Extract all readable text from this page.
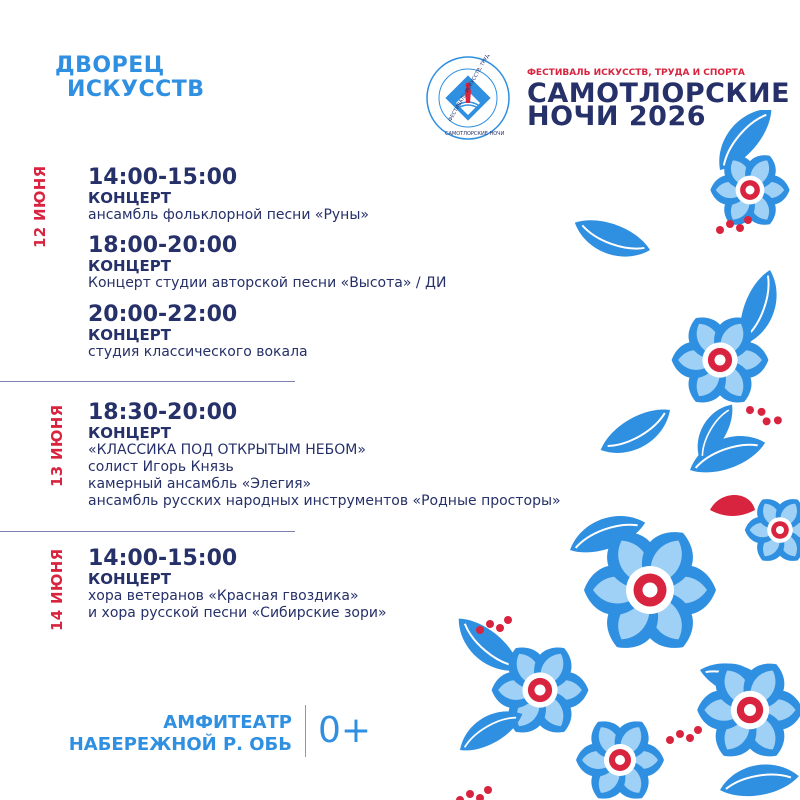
ДВОРЕЦ
ИСКУССТВ
ФЕСТИВАЛЬ ИСКУССТВ, ТРУДА
САМОТЛОРСКИЕ НОЧИ
ФЕСТИВАЛЬ ИСКУССТВ, ТРУДА И СПОРТА
САМОТЛОРСКИЕ
НОЧИ 2026
12 ИЮНЯ
13 ИЮНЯ
14 ИЮНЯ
14:00-15:00
КОНЦЕРТ
ансамбль фольклорной песни «Руны»
18:00-20:00
КОНЦЕРТ
Концерт студии авторской песни «Высота» / ДИ
20:00-22:00
КОНЦЕРТ
студия классического вокала
18:30-20:00
КОНЦЕРТ
«КЛАССИКА ПОД ОТКРЫТЫМ НЕБОМ»
солист Игорь Князь
камерный ансамбль «Элегия»
ансамбль русских народных инструментов «Родные просторы»
14:00-15:00
КОНЦЕРТ
хора ветеранов «Красная гвоздика»
и хора русской песни «Сибирские зори»
АМФИТЕАТР
НАБЕРЕЖНОЙ Р. ОБЬ 0+
